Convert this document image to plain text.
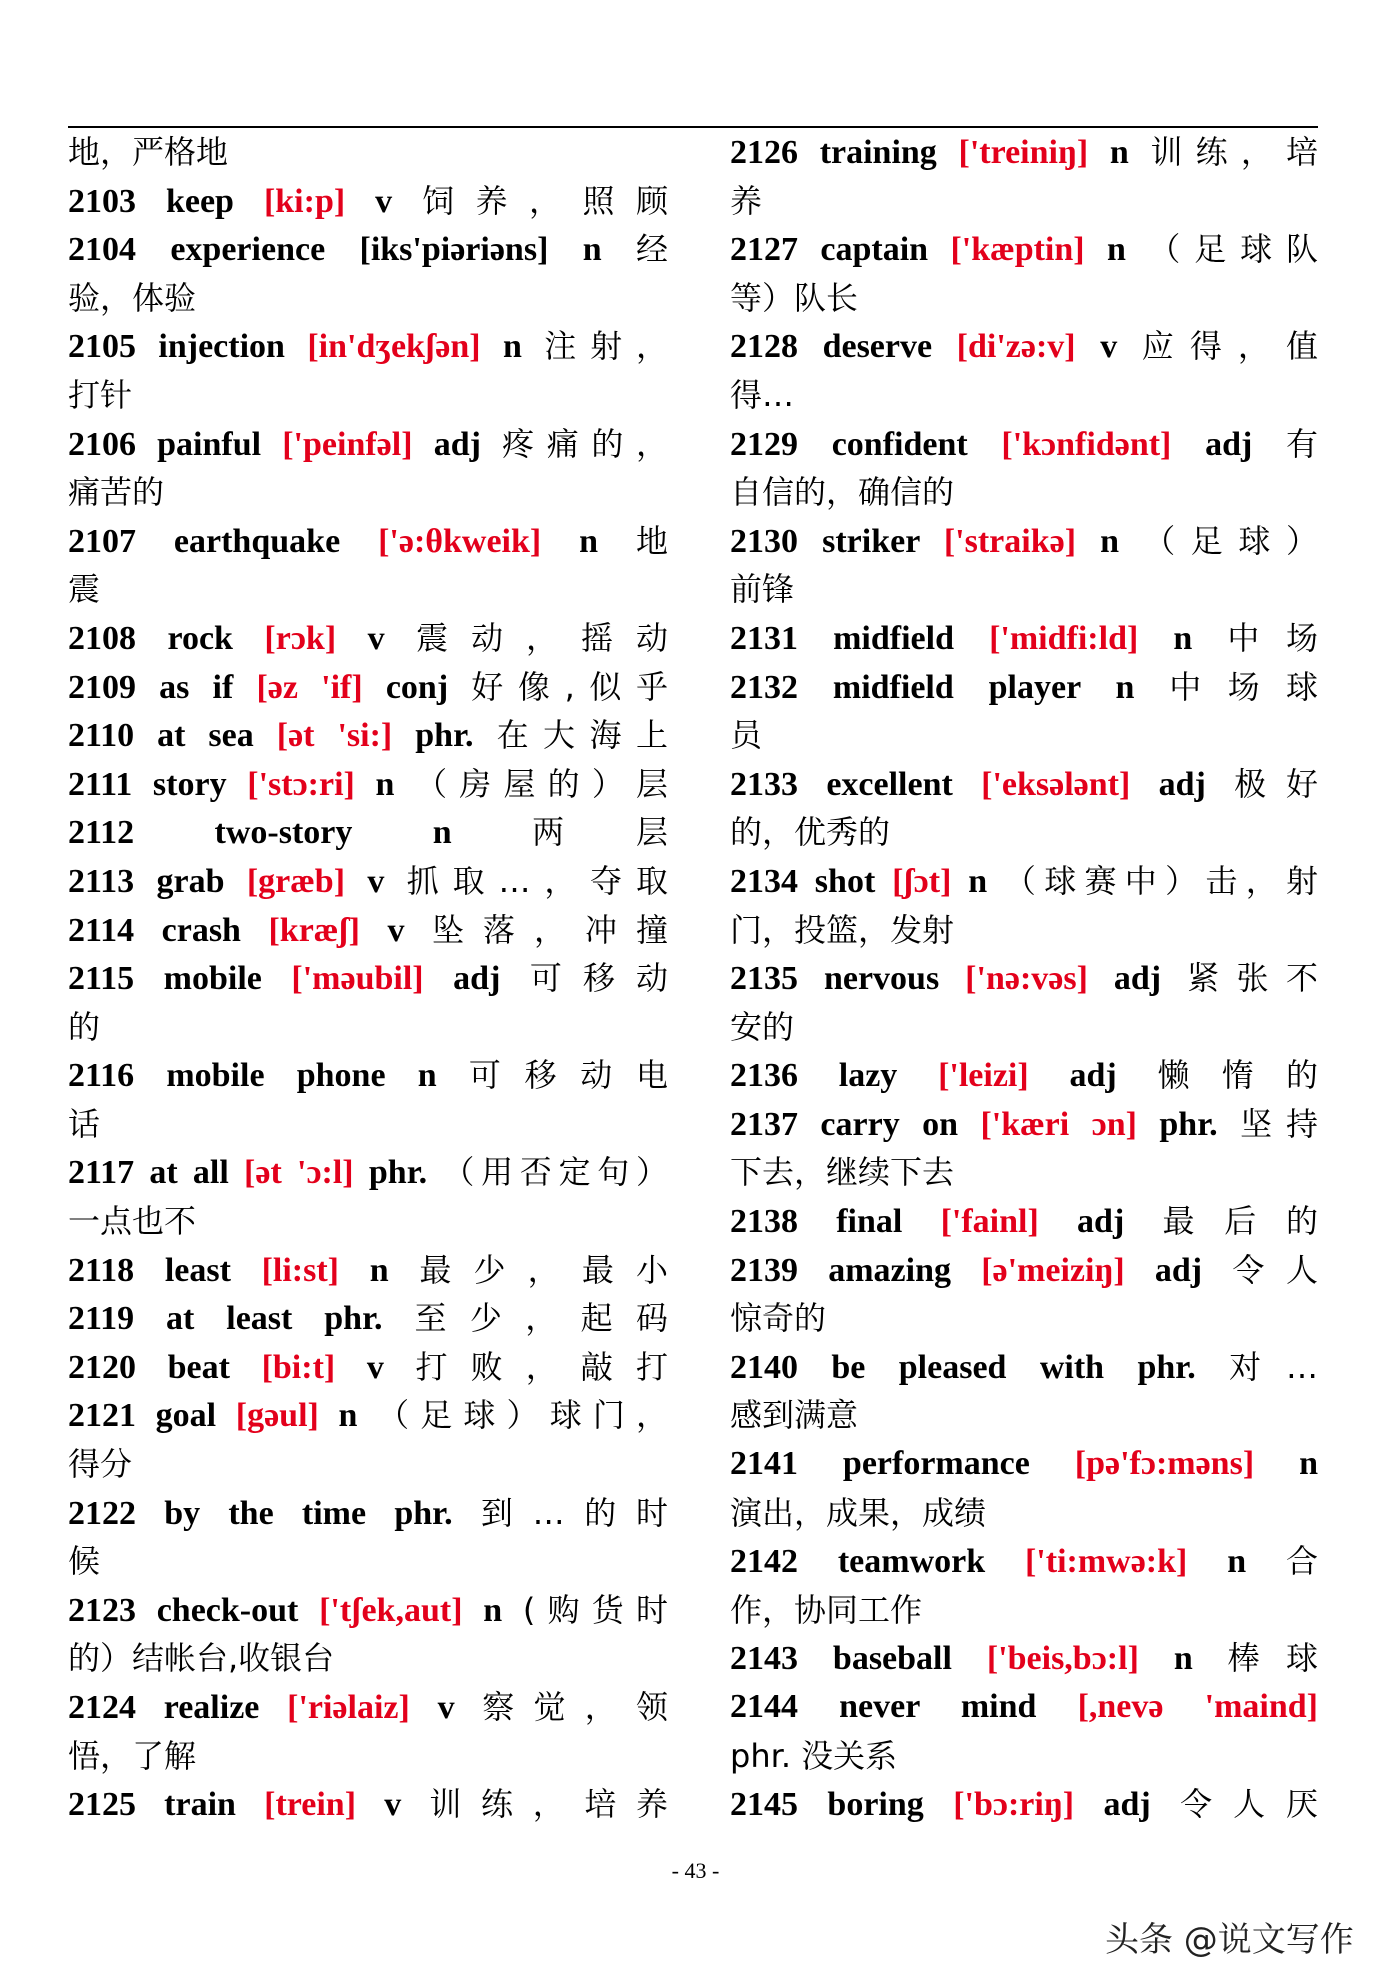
地，严格地
2103 keep [ki:p] v 饲养，照顾
2104 experience [iks'piəriəns] n 经
验，体验
2105 injection [in'dʒekʃən] n 注射，
打针
2106 painful ['peinfəl] adj 疼痛的，
痛苦的
2107 earthquake ['ə:θkweik] n 地
震
2108 rock [rɔk] v 震动，摇动
2109 as if [əz 'if] conj 好像,似乎
2110 at sea [ət 'si:] phr. 在大海上
2111 story ['stɔ:ri] n （房屋的）层
2112 two-story n	两层
2113 grab [græb] v 抓取…，夺取
2114 crash [kræʃ] v 坠落，冲撞
2115 mobile ['məubil] adj 可移动
的
2116 mobile phone n 可移动电
话
2117 at all [ət 'ɔ:l] phr. （用否定句）
一点也不
2118 least [li:st] n 最少，最小
2119 at least phr. 至少，起码
2120 beat [bi:t] v 打败，敲打
2121 goal [gəul] n （足球）球门，
得分
2122 by the time phr. 到…的时
候
2123 check-out ['tʃek,aut] n (购货时
的）结帐台,收银台
2124 realize ['riəlaiz] v 察觉，领
悟，了解
2125 train [trein] v 训练，培养
2126 training ['treiniŋ] n 训练，培
养
2127 captain ['kæptin] n （足球队
等）队长
2128 deserve [di'zə:v] v 应得，值
得…
2129 confident ['kɔnfidənt] adj 有
自信的，确信的
2130 striker ['straikə] n （足球）
前锋
2131 midfield ['midfi:ld] n 中场
2132 midfield player n 中场球
员
2133 excellent ['eksələnt] adj 极好
的，优秀的
2134 shot [ʃɔt] n （球赛中）击，射
门，投篮，发射
2135 nervous ['nə:vəs] adj 紧张不
安的
2136 lazy ['leizi] adj 懒惰的
2137 carry on ['kæri ɔn] phr. 坚持
下去，继续下去
2138 final ['fainl] adj 最后的
2139 amazing [ə'meiziŋ] adj 令人
惊奇的
2140 be pleased with phr. 对…
感到满意
2141 performance [pə'fɔ:məns] n
演出，成果，成绩
2142 teamwork ['ti:mwə:k] n 合
作，协同工作
2143 baseball ['beis,bɔ:l] n 棒球
2144 never mind [,nevə 'maind]
phr. 没关系
2145 boring ['bɔ:riŋ] adj 令人厌
- 43 -
头条 @说文写作
